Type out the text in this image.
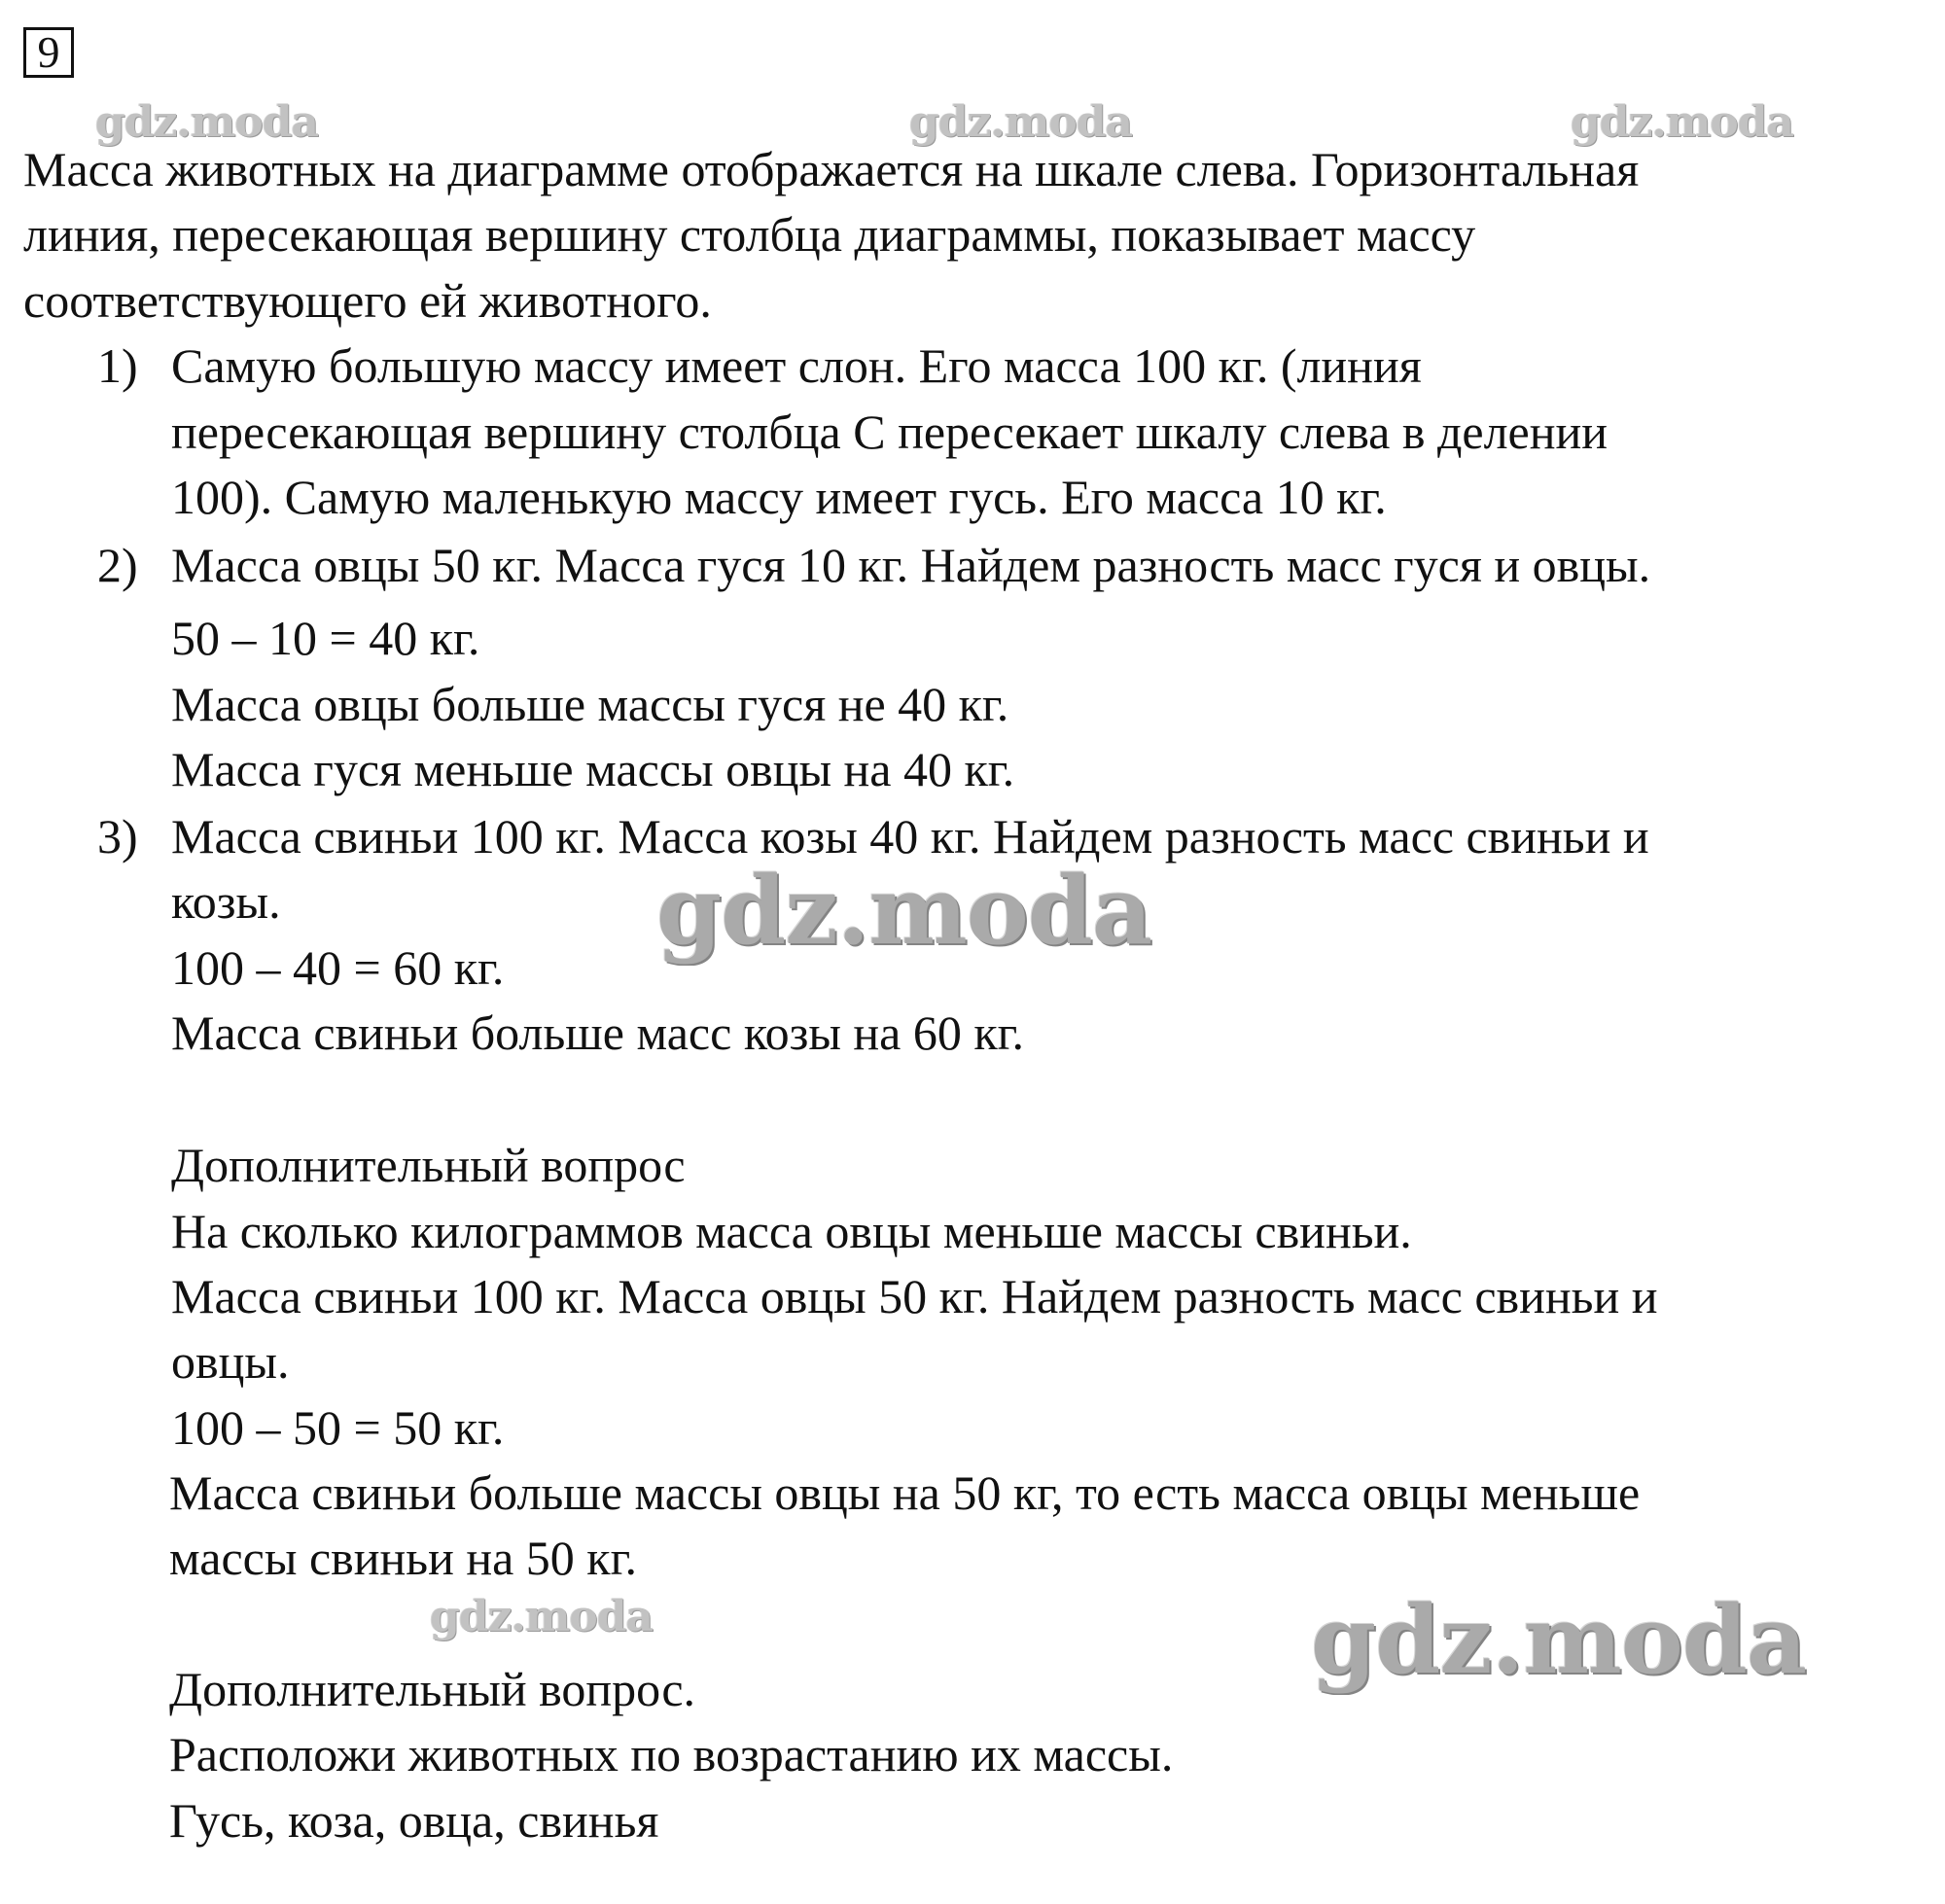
9
gdz.moda	gdz.moda	gdz.moda
Масса животных на диаграмме отображается на шкале слева. Горизонтальная
линия, пересекающая вершину столбца диаграммы, показывает массу
соответствующего ей животного.
1) Самую большую массу имеет слон. Его масса 100 кг. (линия
пересекающая вершину столбца С пересекает шкалу слева в делении
100). Самую маленькую массу имеет гусь. Его масса 10 кг.
2) Масса овцы 50 кг. Масса гуся 10 кг. Найдем разность масс гуся и овцы.
50 – 10 = 40 кг.
Масса овцы больше массы гуся не 40 кг.
Масса гуся меньше массы овцы на 40 кг.
3) Масса свиньи 100 кг. Масса козы 40 кг. Найдем разность масс свиньи и
козы.
100 – 40 = 60 кг.
Масса свиньи больше масс козы на 60 кг.
gdz.moda
Дополнительный вопрос
На сколько килограммов масса овцы меньше массы свиньи.
Масса свиньи 100 кг. Масса овцы 50 кг. Найдем разность масс свиньи и
овцы.
100 – 50 = 50 кг.
Масса свиньи больше массы овцы на 50 кг, то есть масса овцы меньше
массы свиньи на 50 кг.
gdz.moda	gdz.moda
Дополнительный вопрос.
Расположи животных по возрастанию их массы.
Гусь, коза, овца, свинья
